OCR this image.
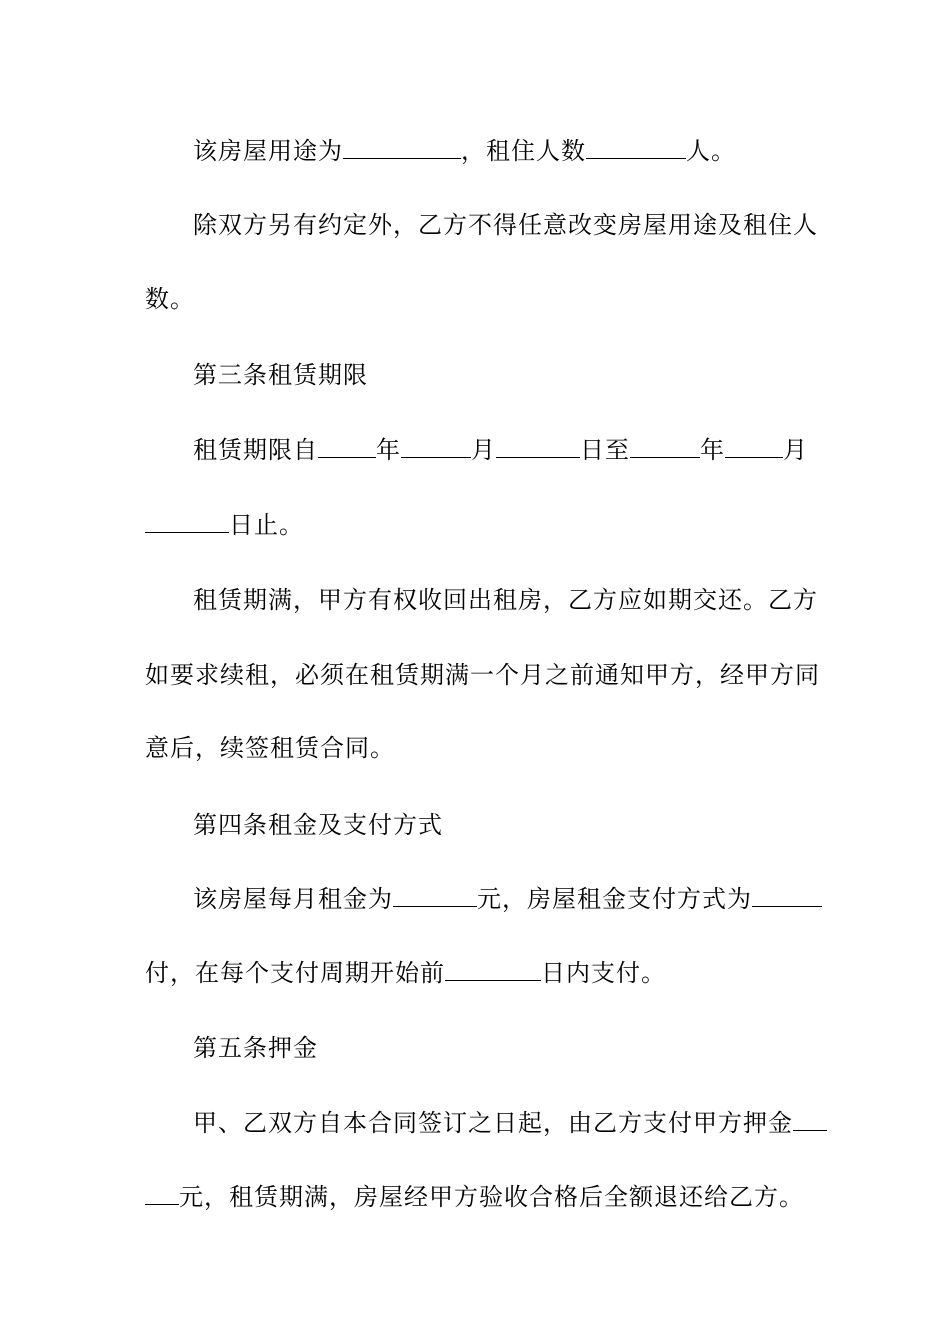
该房屋用途为	，租住人数	人。
除双方另有约定外，乙方不得任意改变房屋用途及租住人
数。
第三条租赁期限
租赁期限自 年	月	日至	年 月
日止。
租赁期满，甲方有权收回出租房，乙方应如期交还。乙方
如要求续租，必须在租赁期满一个月之前通知甲方，经甲方同
意后，续签租赁合同。
第四条租金及支付方式
该房屋每月租金为	元，房屋租金支付方式为
付，在每个支付周期开始前	日内支付。
第五条押金
甲、乙双方自本合同签订之日起，由乙方支付甲方押金
元，租赁期满，房屋经甲方验收合格后全额退还给乙方。
